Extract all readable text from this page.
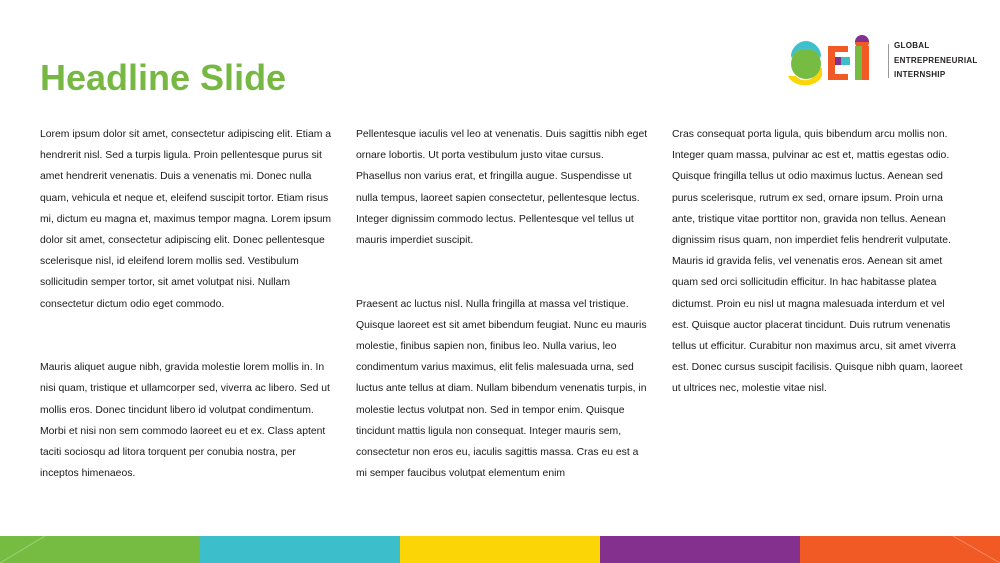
Headline Slide
GLOBAL
ENTREPRENEURIAL
INTERNSHIP

Lorem ipsum dolor sit amet, consectetur adipiscing elit. Etiam a hendrerit nisl. Sed a turpis ligula. Proin pellentesque purus sit amet hendrerit venenatis. Duis a venenatis mi. Donec nulla quam, vehicula et neque et, eleifend suscipit tortor. Etiam risus mi, dictum eu magna et, maximus tempor magna. Lorem ipsum dolor sit amet, consectetur adipiscing elit. Donec pellentesque scelerisque nisl, id eleifend lorem mollis sed. Vestibulum sollicitudin semper tortor, sit amet volutpat nisi. Nullam consectetur dictum odio eget commodo.

Mauris aliquet augue nibh, gravida molestie lorem mollis in. In nisi quam, tristique et ullamcorper sed, viverra ac libero. Sed ut mollis eros. Donec tincidunt libero id volutpat condimentum. Morbi et nisi non sem commodo laoreet eu et ex. Class aptent taciti sociosqu ad litora torquent per conubia nostra, per inceptos himenaeos.

Pellentesque iaculis vel leo at venenatis. Duis sagittis nibh eget ornare lobortis. Ut porta vestibulum justo vitae cursus. Phasellus non varius erat, et fringilla augue. Suspendisse ut nulla tempus, laoreet sapien consectetur, pellentesque lectus. Integer dignissim commodo lectus. Pellentesque vel tellus ut mauris imperdiet suscipit.

Praesent ac luctus nisl. Nulla fringilla at massa vel tristique. Quisque laoreet est sit amet bibendum feugiat. Nunc eu mauris molestie, finibus sapien non, finibus leo. Nulla varius, leo condimentum varius maximus, elit felis malesuada urna, sed luctus ante tellus at diam. Nullam bibendum venenatis turpis, in molestie lectus volutpat non. Sed in tempor enim. Quisque tincidunt mattis ligula non consequat. Integer mauris sem, consectetur non eros eu, iaculis sagittis massa. Cras eu est a mi semper faucibus volutpat elementum enim

Cras consequat porta ligula, quis bibendum arcu mollis non. Integer quam massa, pulvinar ac est et, mattis egestas odio. Quisque fringilla tellus ut odio maximus luctus. Aenean sed purus scelerisque, rutrum ex sed, ornare ipsum. Proin urna ante, tristique vitae porttitor non, gravida non tellus. Aenean dignissim risus quam, non imperdiet felis hendrerit vulputate. Mauris id gravida felis, vel venenatis eros. Aenean sit amet quam sed orci sollicitudin efficitur. In hac habitasse platea dictumst. Proin eu nisl ut magna malesuada interdum et vel est. Quisque auctor placerat tincidunt. Duis rutrum venenatis tellus ut efficitur. Curabitur non maximus arcu, sit amet viverra est. Donec cursus suscipit facilisis. Quisque nibh quam, laoreet ut ultrices nec, molestie vitae nisl.
